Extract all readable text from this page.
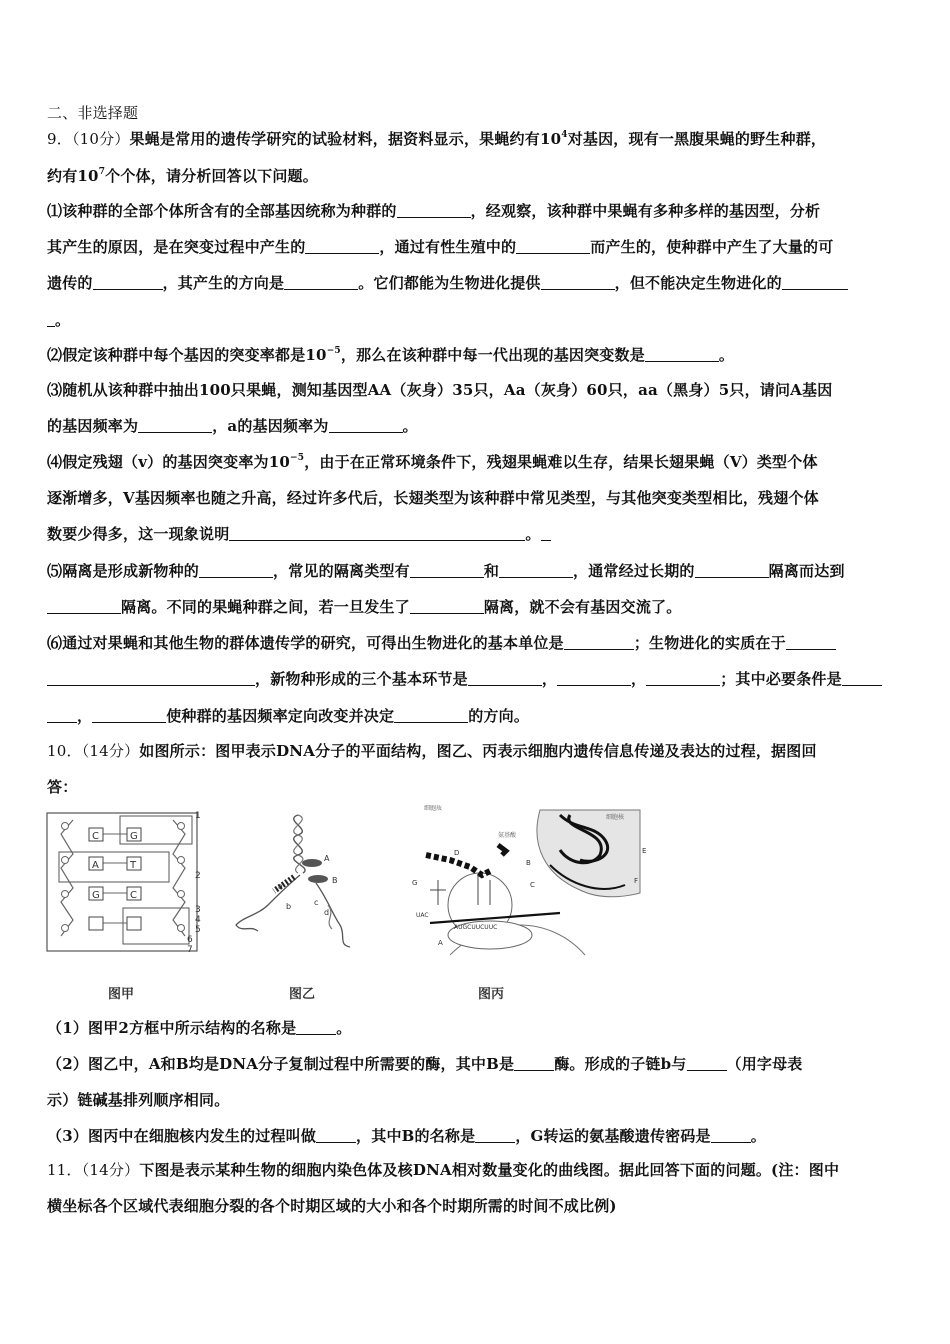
二、非选择题
9．（10分）果蝇是常用的遗传学研究的试验材料，据资料显示，果蝇约有$10^4$对基因，现有一黑腹果蝇的野生种群，
约有$10^7$个个体，请分析回答以下问题。
⑴该种群的全部个体所含有的全部基因统称为种群的	，经观察，该种群中果蝇有多种多样的基因型，分析
其产生的原因，是在突变过程中产生的	，通过有性生殖中的	而产生的，使种群中产生了大量的可
遗传的	，其产生的方向是	。它们都能为生物进化提供	，但不能决定生物进化的
。
⑵假定该种群中每个基因的突变率都是$10^{-5}$，那么在该种群中每一代出现的基因突变数是	。
⑶随机从该种群中抽出100只果蝇，测知基因型AA（灰身）35只，Aa（灰身）60只，aa（黑身）5只，请问A基因
的基因频率为	，a的基因频率为	。
⑷假定残翅（v）的基因突变率为$10^{-5}$，由于在正常环境条件下，残翅果蝇难以生存，结果长翅果蝇（V）类型个体
逐渐增多，V基因频率也随之升高，经过许多代后，长翅类型为该种群中常见类型，与其他突变类型相比，残翅个体
数要少得多，这一现象说明	。
⑸隔离是形成新物种的	，常见的隔离类型有	和	，通常经过长期的	隔离而达到
隔离。不同的果蝇种群之间，若一旦发生了	隔离，就不会有基因交流了。
⑹通过对果蝇和其他生物的群体遗传学的研究，可得出生物进化的基本单位是	；生物进化的实质在于
，新物种形成的三个基本环节是	，	，	；其中必要条件是
，	使种群的基因频率定向改变并决定	的方向。
10．（14分）如图所示：图甲表示DNA分子的平面结构，图乙、丙表示细胞内遗传信息传递及表达的过程，据图回
答：
C
A
G
G
T
C
1
2
3
4
5
6
7
图甲
A
B
a
b	c
d
图乙
细胞质
氨基酸
细胞核
D
G	C
A
B
E
F
UAC
AUGCUUCUUC
图丙
（1）图甲2方框中所示结构的名称是	。
（2）图乙中，A和B均是DNA分子复制过程中所需要的酶，其中B是	酶。形成的子链b与	（用字母表
示）链碱基排列顺序相同。
（3）图丙中在细胞核内发生的过程叫做	，其中B的名称是	，G转运的氨基酸遗传密码是	。
11．（14分）下图是表示某种生物的细胞内染色体及核DNA相对数量变化的曲线图。据此回答下面的问题。(注：图中
横坐标各个区域代表细胞分裂的各个时期区域的大小和各个时期所需的时间不成比例)
